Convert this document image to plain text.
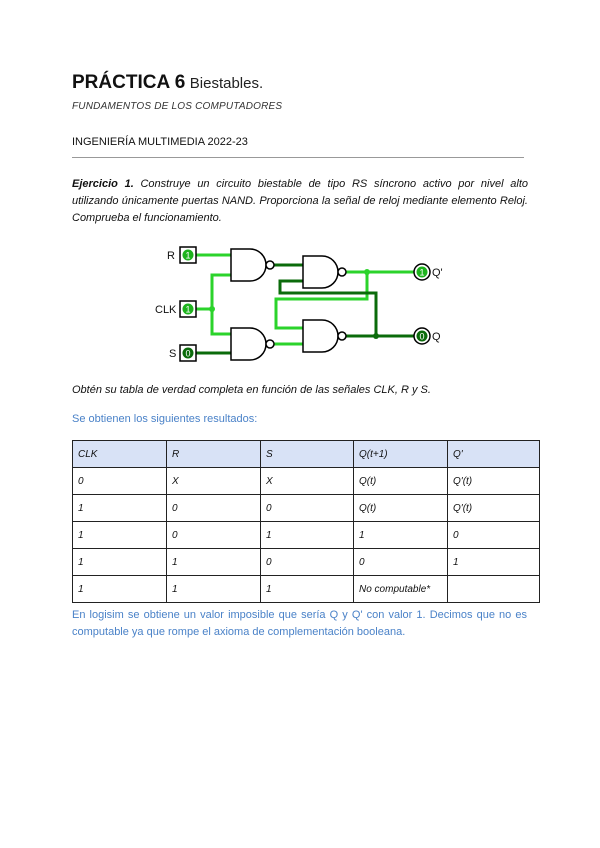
PRÁCTICA 6 Biestables.
FUNDAMENTOS DE LOS COMPUTADORES
INGENIERÍA MULTIMEDIA 2022-23
Ejercicio 1. Construye un circuito biestable de tipo RS síncrono activo por nivel alto utilizando únicamente puertas NAND. Proporciona la señal de reloj mediante elemento Reloj. Comprueba el funcionamiento.
R 1
CLK 1
S 0
1 Q'
0 Q
Obtén su tabla de verdad completa en función de las señales CLK, R y S.
Se obtienen los siguientes resultados:
CLK	R	S	Q(t+1)	Q'
0	X	X	Q(t)	Q'(t)
1	0	0	Q(t)	Q'(t)
1	0	1	1	0
1	1	0	0	1
1	1	1	No computable*	
En logisim se obtiene un valor imposible que sería Q y Q' con valor 1. Decimos que no es computable ya que rompe el axioma de complementación booleana.
